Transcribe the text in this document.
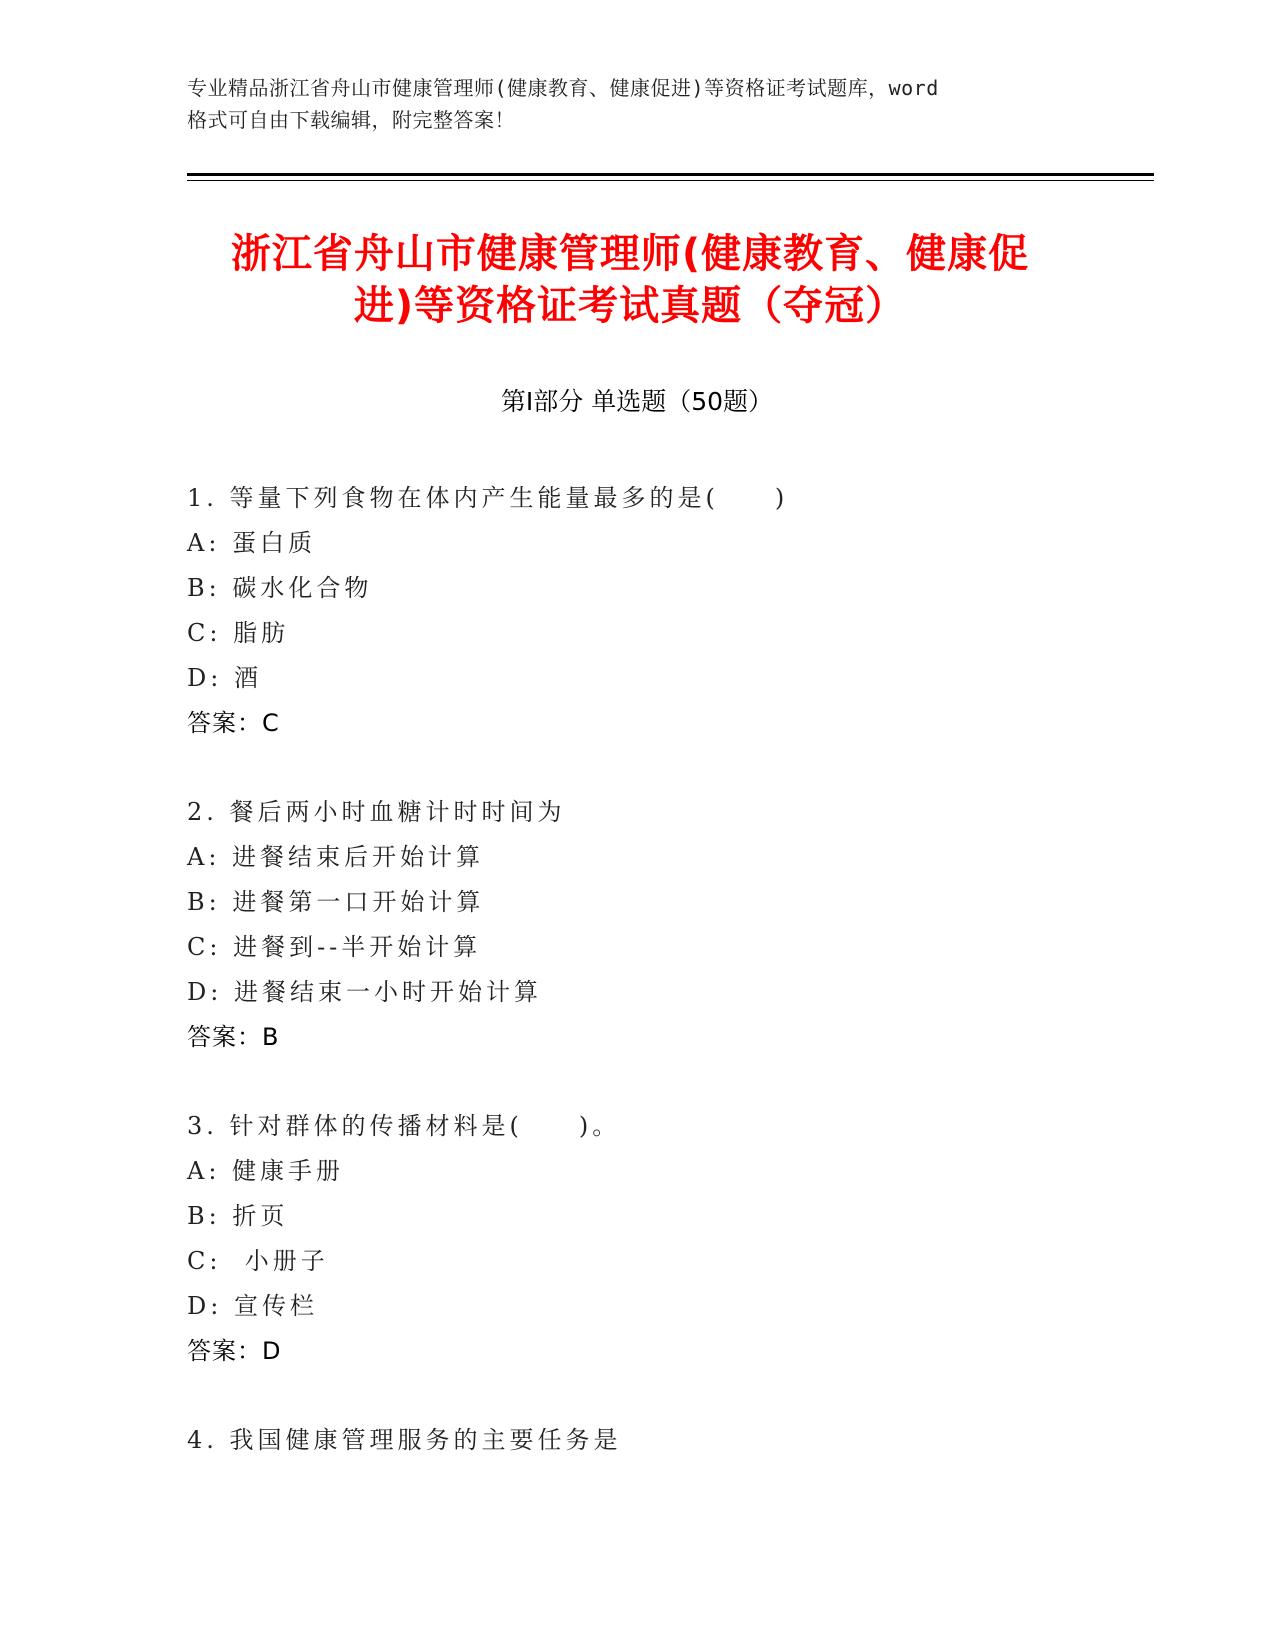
专业精品浙江省舟山市健康管理师(健康教育、健康促进)等资格证考试题库，word
格式可自由下载编辑，附完整答案！
浙江省舟山市健康管理师(健康教育、健康促
进)等资格证考试真题（夺冠）
第Ⅰ部分 单选题（50题）
1. 等量下列食物在体内产生能量最多的是(　　)
A: 蛋白质
B: 碳水化合物
C: 脂肪
D: 酒
答案：C
2. 餐后两小时血糖计时时间为
A: 进餐结束后开始计算
B: 进餐第一口开始计算
C: 进餐到--半开始计算
D: 进餐结束一小时开始计算
答案：B
3. 针对群体的传播材料是(　　)。
A: 健康手册
B: 折页
C:  小册子
D: 宣传栏
答案：D
4. 我国健康管理服务的主要任务是
